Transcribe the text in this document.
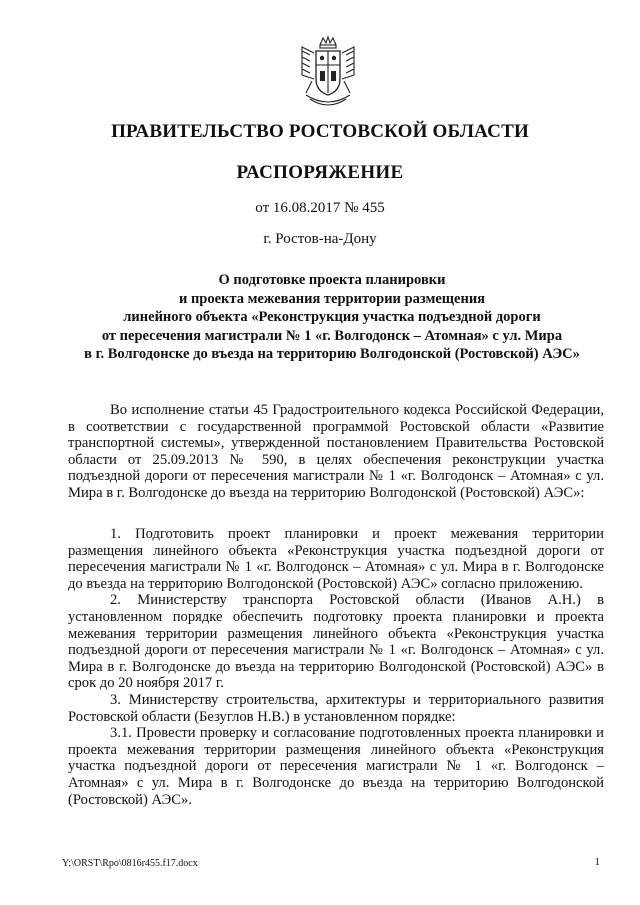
ПРАВИТЕЛЬСТВО РОСТОВСКОЙ ОБЛАСТИ
РАСПОРЯЖЕНИЕ
от 16.08.2017 № 455
г. Ростов-на-Дону
О подготовке проекта планировки
и проекта межевания территории размещения
линейного объекта «Реконструкция участка подъездной дороги
от пересечения магистрали № 1 «г. Волгодонск – Атомная» с ул. Мира
в г. Волгодонске до въезда на территорию Волгодонской (Ростовской) АЭС»

Во исполнение статьи 45 Градостроительного кодекса Российской Федерации, в соответствии с государственной программой Ростовской области «Развитие транспортной системы», утвержденной постановлением Правительства Ростовской области от 25.09.2013 № 590, в целях обеспечения реконструкции участка подъездной дороги от пересечения магистрали № 1 «г. Волгодонск – Атомная» с ул. Мира в г. Волгодонске до въезда на территорию Волгодонской (Ростовской) АЭС»:

1. Подготовить проект планировки и проект межевания территории размещения линейного объекта «Реконструкция участка подъездной дороги от пересечения магистрали № 1 «г. Волгодонск – Атомная» с ул. Мира в г. Волгодонске до въезда на территорию Волгодонской (Ростовской) АЭС» согласно приложению.

2. Министерству транспорта Ростовской области (Иванов А.Н.) в установленном порядке обеспечить подготовку проекта планировки и проекта межевания территории размещения линейного объекта «Реконструкция участка подъездной дороги от пересечения магистрали № 1 «г. Волгодонск – Атомная» с ул. Мира в г. Волгодонске до въезда на территорию Волгодонской (Ростовской) АЭС» в срок до 20 ноября 2017 г.

3. Министерству строительства, архитектуры и территориального развития Ростовской области (Безуглов Н.В.) в установленном порядке:

3.1. Провести проверку и согласование подготовленных проекта планировки и проекта межевания территории размещения линейного объекта «Реконструкция участка подъездной дороги от пересечения магистрали № 1 «г. Волгодонск – Атомная» с ул. Мира в г. Волгодонске до въезда на территорию Волгодонской (Ростовской) АЭС».

Y:\ORST\Rpo\0816r455.f17.docx	1
